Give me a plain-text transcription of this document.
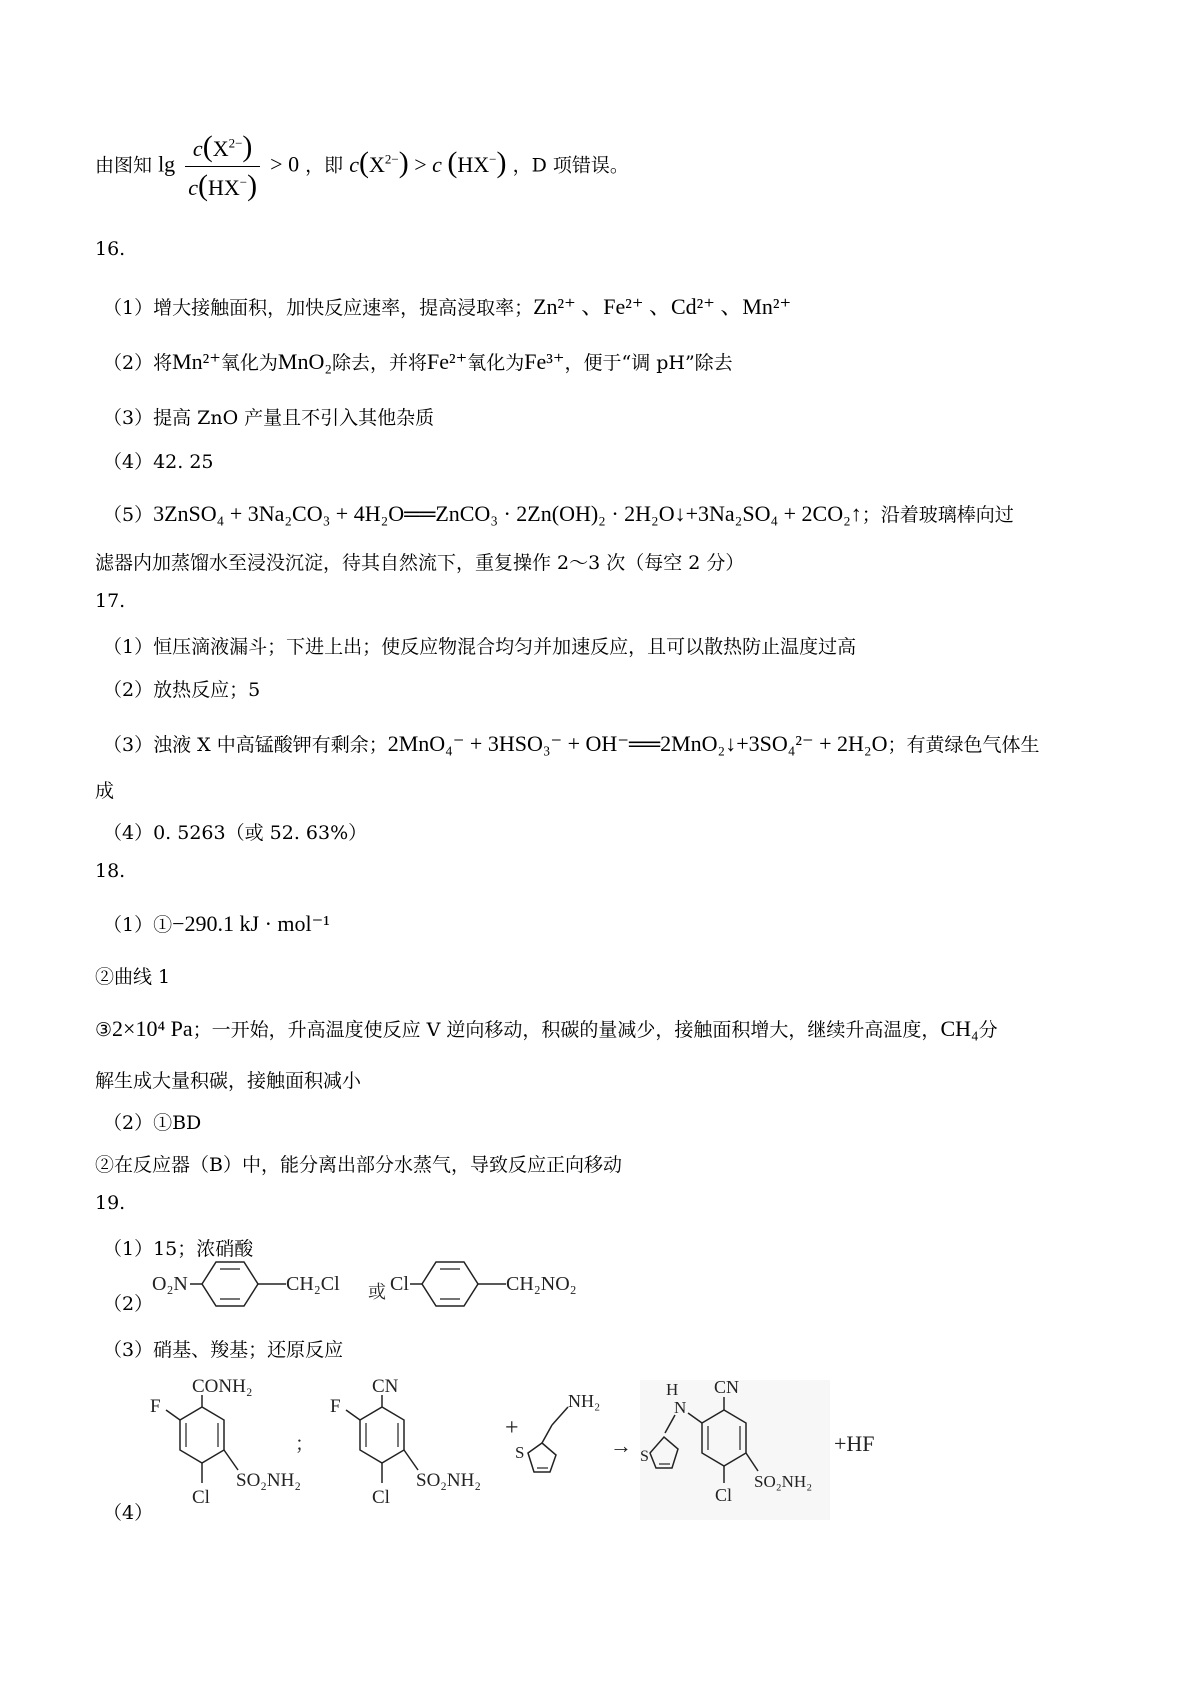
由图知 $\lg \frac{c(X^{2-})}{c(HX^-)} > 0$ ，即 $c(X^{2-}) > c$ (HX−) ，D 项错误。
16.
（1）增大接触面积，加快反应速率，提高浸取率；Zn²⁺ 、Fe²⁺ 、Cd²⁺ 、Mn²⁺
（2）将Mn²⁺氧化为MnO₂除去，并将Fe²⁺氧化为Fe³⁺，便于“调 pH”除去
（3）提高 ZnO 产量且不引入其他杂质
（4）42. 25
（5）3ZnSO₄ + 3Na₂CO₃ + 4H₂O══ZnCO₃ · 2Zn(OH)₂ · 2H₂O↓+3Na₂SO₄ + 2CO₂↑；沿着玻璃棒向过
滤器内加蒸馏水至浸没沉淀，待其自然流下，重复操作 2～3 次（每空 2 分）
17.
（1）恒压滴液漏斗；下进上出；使反应物混合均匀并加速反应，且可以散热防止温度过高
（2）放热反应；5
（3）浊液 X 中高锰酸钾有剩余；2MnO₄⁻ + 3HSO₃⁻ + OH⁻══2MnO₂↓+3SO₄²⁻ + 2H₂O；有黄绿色气体生
成
（4）0. 5263（或 52. 63%）
18.
（1）①−290.1 kJ · mol⁻¹
②曲线 1
③2×10⁴ Pa；一开始，升高温度使反应 V 逆向移动，积碳的量减少，接触面积增大，继续升高温度，CH₄分
解生成大量积碳，接触面积减小
（2）①BD
②在反应器（B）中，能分离出部分水蒸气，导致反应正向移动
19.
（1）15；浓硝酸
（2）
O₂N	CH₂Cl 或 Cl	CH₂NO₂
（3）硝基、羧基；还原反应
（4）
F
CONH₂
Cl
SO₂NH₂
；
F
CN
Cl
SO₂NH₂
+
NH₂
S	→
H
N
CN
S
SO₂NH₂
Cl
+HF
